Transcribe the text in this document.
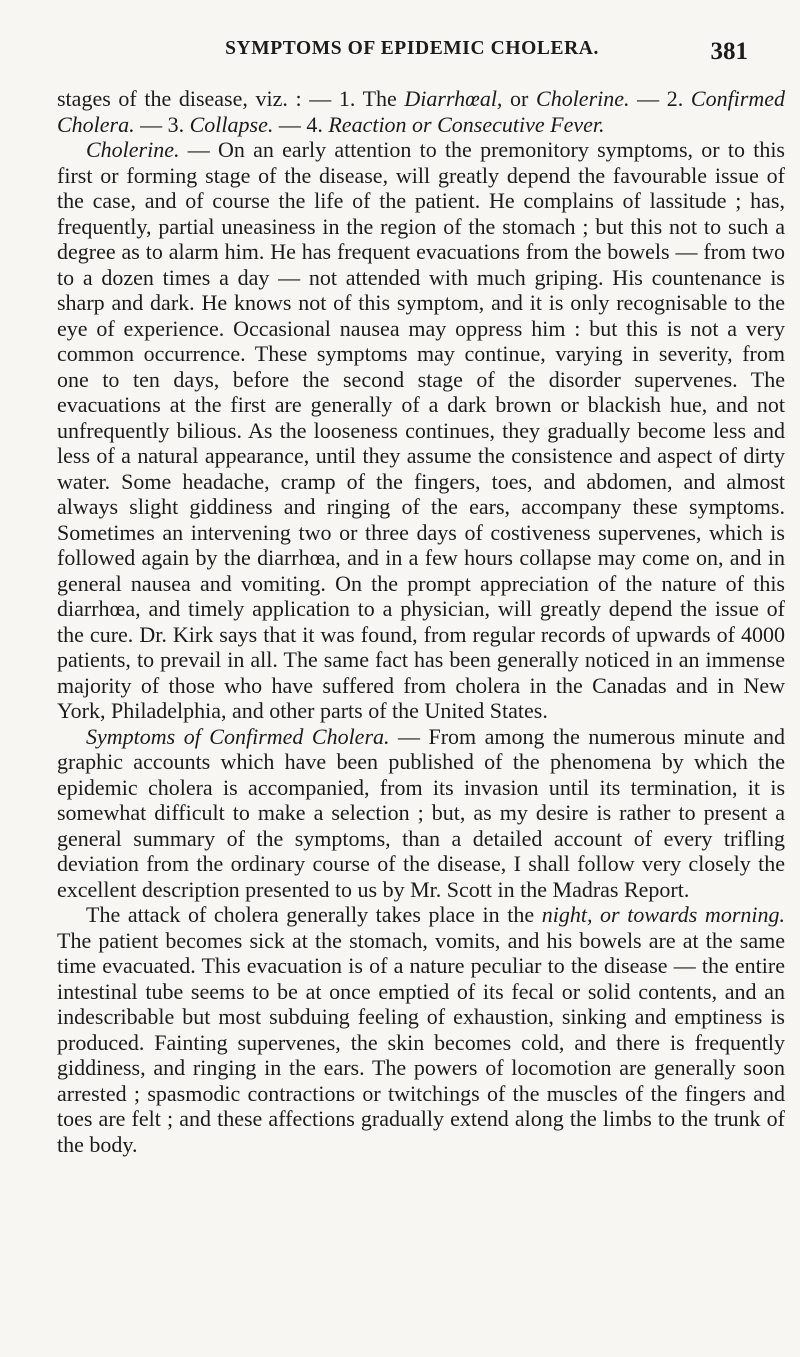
SYMPTOMS OF EPIDEMIC CHOLERA.	381

stages of the disease, viz. : — 1. The Diarrhœal, or Cholerine. — 2. Confirmed Cholera. — 3. Collapse. — 4. Reaction or Consecutive Fever.

Cholerine. — On an early attention to the premonitory symptoms, or to this first or forming stage of the disease, will greatly depend the favourable issue of the case, and of course the life of the patient. He complains of lassitude ; has, frequently, partial uneasiness in the region of the stomach ; but this not to such a degree as to alarm him. He has frequent evacuations from the bowels — from two to a dozen times a day — not attended with much griping. His countenance is sharp and dark. He knows not of this symptom, and it is only recognisable to the eye of experience. Occasional nausea may oppress him : but this is not a very common occurrence. These symptoms may continue, varying in severity, from one to ten days, before the second stage of the disorder supervenes. The evacuations at the first are generally of a dark brown or blackish hue, and not unfrequently bilious. As the looseness continues, they gradually become less and less of a natural appearance, until they assume the consistence and aspect of dirty water. Some headache, cramp of the fingers, toes, and abdomen, and almost always slight giddiness and ringing of the ears, accompany these symptoms. Sometimes an intervening two or three days of costiveness supervenes, which is followed again by the diarrhœa, and in a few hours collapse may come on, and in general nausea and vomiting. On the prompt appreciation of the nature of this diarrhœa, and timely application to a physician, will greatly depend the issue of the cure. Dr. Kirk says that it was found, from regular records of upwards of 4000 patients, to prevail in all. The same fact has been generally noticed in an immense majority of those who have suffered from cholera in the Canadas and in New York, Philadelphia, and other parts of the United States.

Symptoms of Confirmed Cholera. — From among the numerous minute and graphic accounts which have been published of the phenomena by which the epidemic cholera is accompanied, from its invasion until its termination, it is somewhat difficult to make a selection ; but, as my desire is rather to present a general summary of the symptoms, than a detailed account of every trifling deviation from the ordinary course of the disease, I shall follow very closely the excellent description presented to us by Mr. Scott in the Madras Report.

The attack of cholera generally takes place in the night, or towards morning. The patient becomes sick at the stomach, vomits, and his bowels are at the same time evacuated. This evacuation is of a nature peculiar to the disease — the entire intestinal tube seems to be at once emptied of its fecal or solid contents, and an indescribable but most subduing feeling of exhaustion, sinking and emptiness is produced. Fainting supervenes, the skin becomes cold, and there is frequently giddiness, and ringing in the ears. The powers of locomotion are generally soon arrested ; spasmodic contractions or twitchings of the muscles of the fingers and toes are felt ; and these affections gradually extend along the limbs to the trunk of the body.
